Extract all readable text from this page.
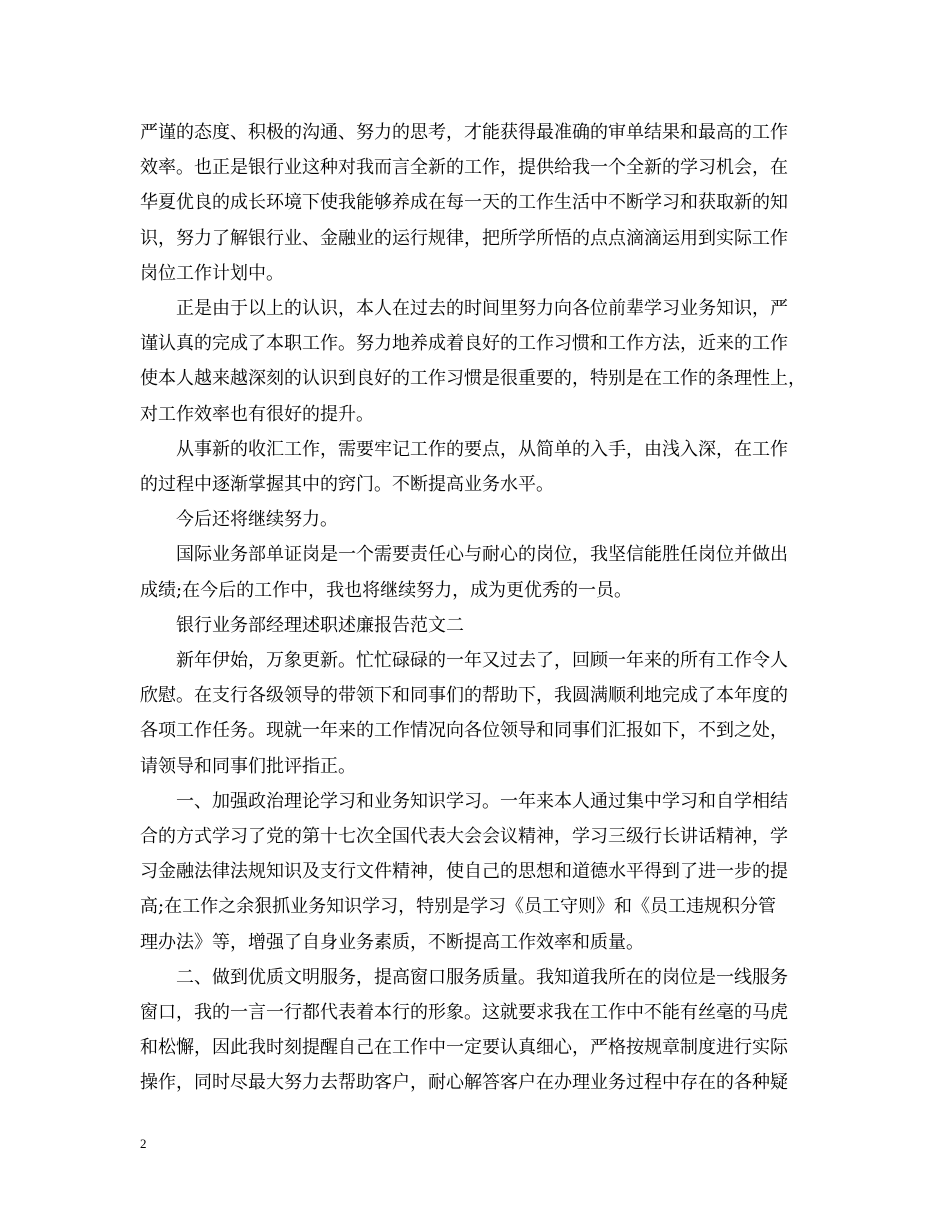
严谨的态度、积极的沟通、努力的思考，才能获得最准确的审单结果和最高的工作
效率。也正是银行业这种对我而言全新的工作，提供给我一个全新的学习机会，在
华夏优良的成长环境下使我能够养成在每一天的工作生活中不断学习和获取新的知
识，努力了解银行业、金融业的运行规律，把所学所悟的点点滴滴运用到实际工作
岗位工作计划中。

正是由于以上的认识，本人在过去的时间里努力向各位前辈学习业务知识，严
谨认真的完成了本职工作。努力地养成着良好的工作习惯和工作方法，近来的工作
使本人越来越深刻的认识到良好的工作习惯是很重要的，特别是在工作的条理性上，
对工作效率也有很好的提升。

从事新的收汇工作，需要牢记工作的要点，从简单的入手，由浅入深，在工作
的过程中逐渐掌握其中的窍门。不断提高业务水平。

今后还将继续努力。

国际业务部单证岗是一个需要责任心与耐心的岗位，我坚信能胜任岗位并做出
成绩;在今后的工作中，我也将继续努力，成为更优秀的一员。

银行业务部经理述职述廉报告范文二

新年伊始，万象更新。忙忙碌碌的一年又过去了，回顾一年来的所有工作令人
欣慰。在支行各级领导的带领下和同事们的帮助下，我圆满顺利地完成了本年度的
各项工作任务。现就一年来的工作情况向各位领导和同事们汇报如下，不到之处，
请领导和同事们批评指正。

一、加强政治理论学习和业务知识学习。一年来本人通过集中学习和自学相结
合的方式学习了党的第十七次全国代表大会会议精神，学习三级行长讲话精神，学
习金融法律法规知识及支行文件精神，使自己的思想和道德水平得到了进一步的提
高;在工作之余狠抓业务知识学习，特别是学习《员工守则》和《员工违规积分管
理办法》等，增强了自身业务素质，不断提高工作效率和质量。

二、做到优质文明服务，提高窗口服务质量。我知道我所在的岗位是一线服务
窗口，我的一言一行都代表着本行的形象。这就要求我在工作中不能有丝毫的马虎
和松懈，因此我时刻提醒自己在工作中一定要认真细心，严格按规章制度进行实际
操作，同时尽最大努力去帮助客户，耐心解答客户在办理业务过程中存在的各种疑

2
